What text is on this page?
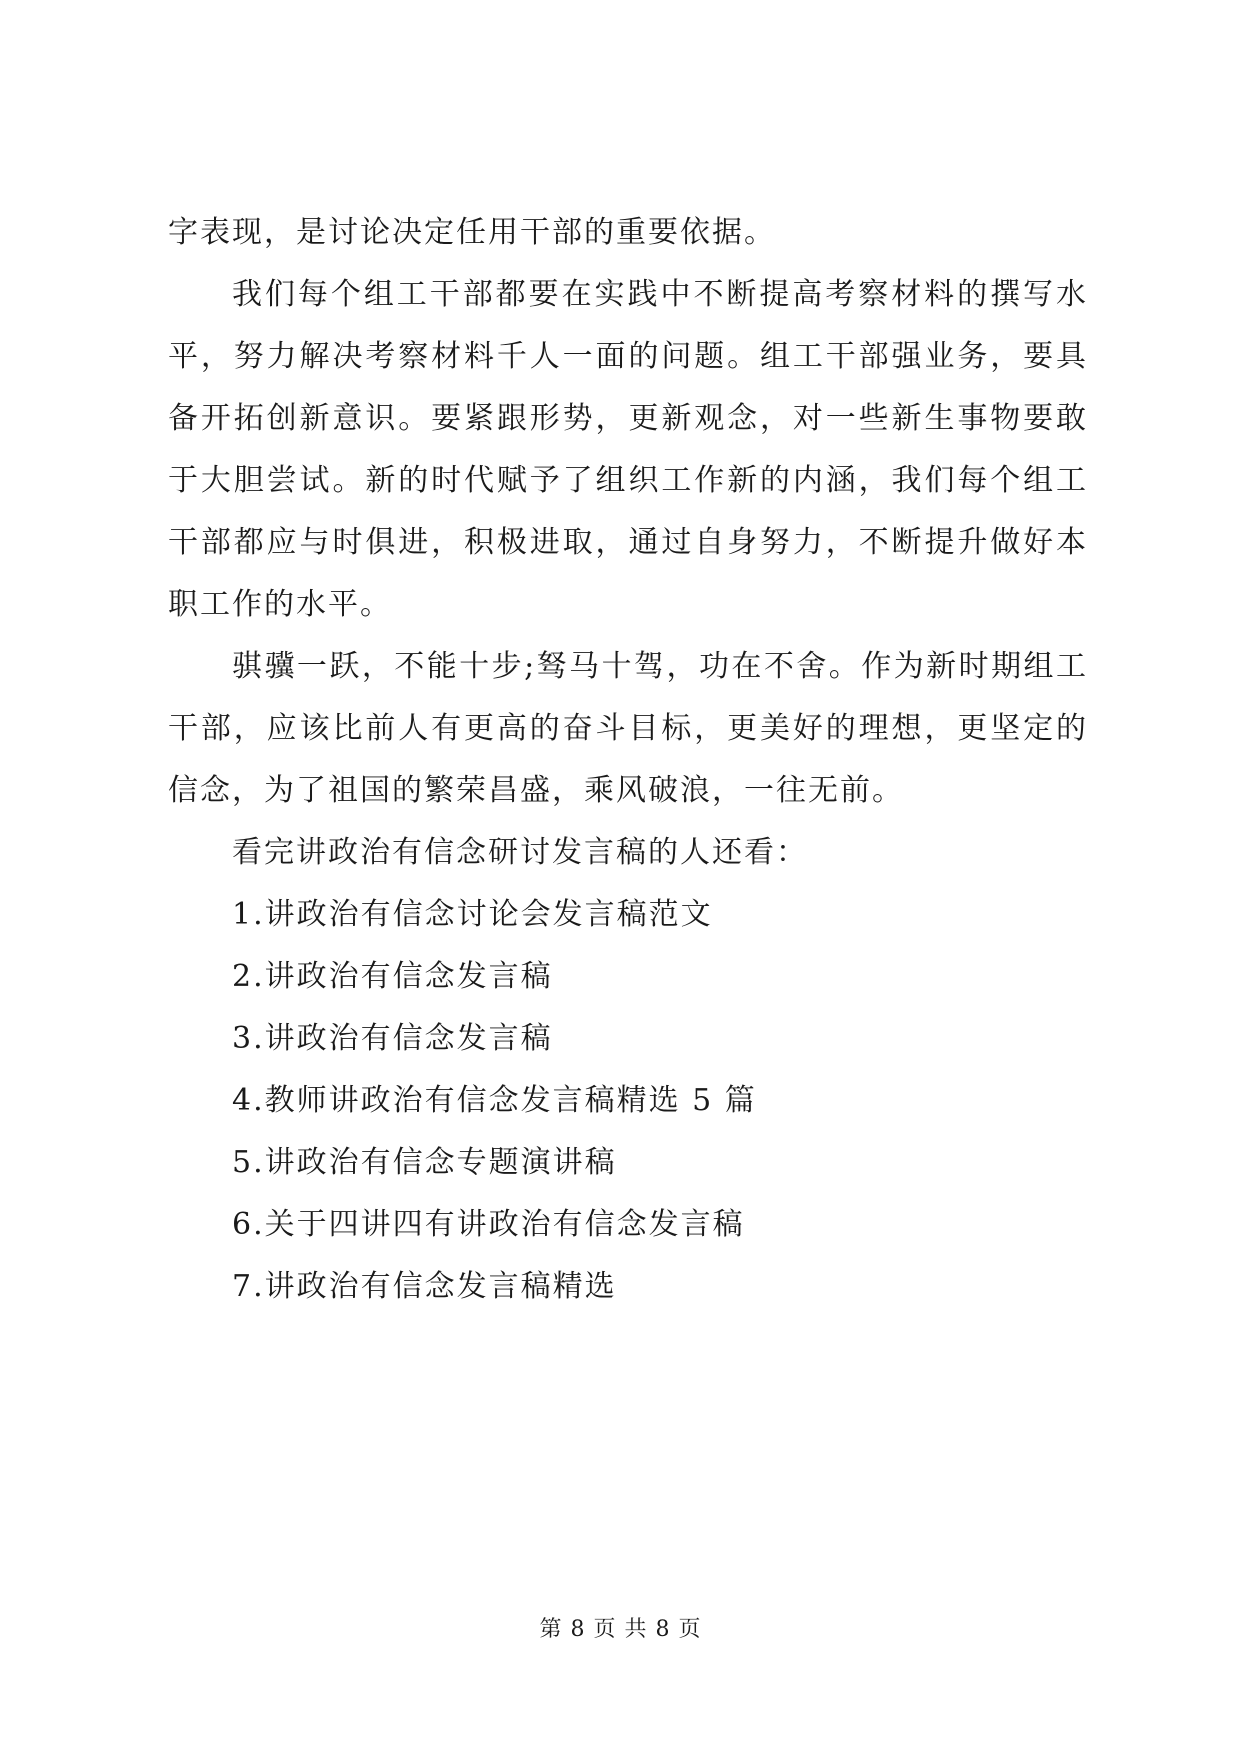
字表现，是讨论决定任用干部的重要依据。

我们每个组工干部都要在实践中不断提高考察材料的撰写水平，努力解决考察材料千人一面的问题。组工干部强业务，要具备开拓创新意识。要紧跟形势，更新观念，对一些新生事物要敢于大胆尝试。新的时代赋予了组织工作新的内涵，我们每个组工干部都应与时俱进，积极进取，通过自身努力，不断提升做好本职工作的水平。

骐骥一跃，不能十步;驽马十驾，功在不舍。作为新时期组工干部，应该比前人有更高的奋斗目标，更美好的理想，更坚定的信念，为了祖国的繁荣昌盛，乘风破浪，一往无前。

看完讲政治有信念研讨发言稿的人还看：

1.讲政治有信念讨论会发言稿范文
2.讲政治有信念发言稿
3.讲政治有信念发言稿
4.教师讲政治有信念发言稿精选 5 篇
5.讲政治有信念专题演讲稿
6.关于四讲四有讲政治有信念发言稿
7.讲政治有信念发言稿精选
第 8 页 共 8 页
